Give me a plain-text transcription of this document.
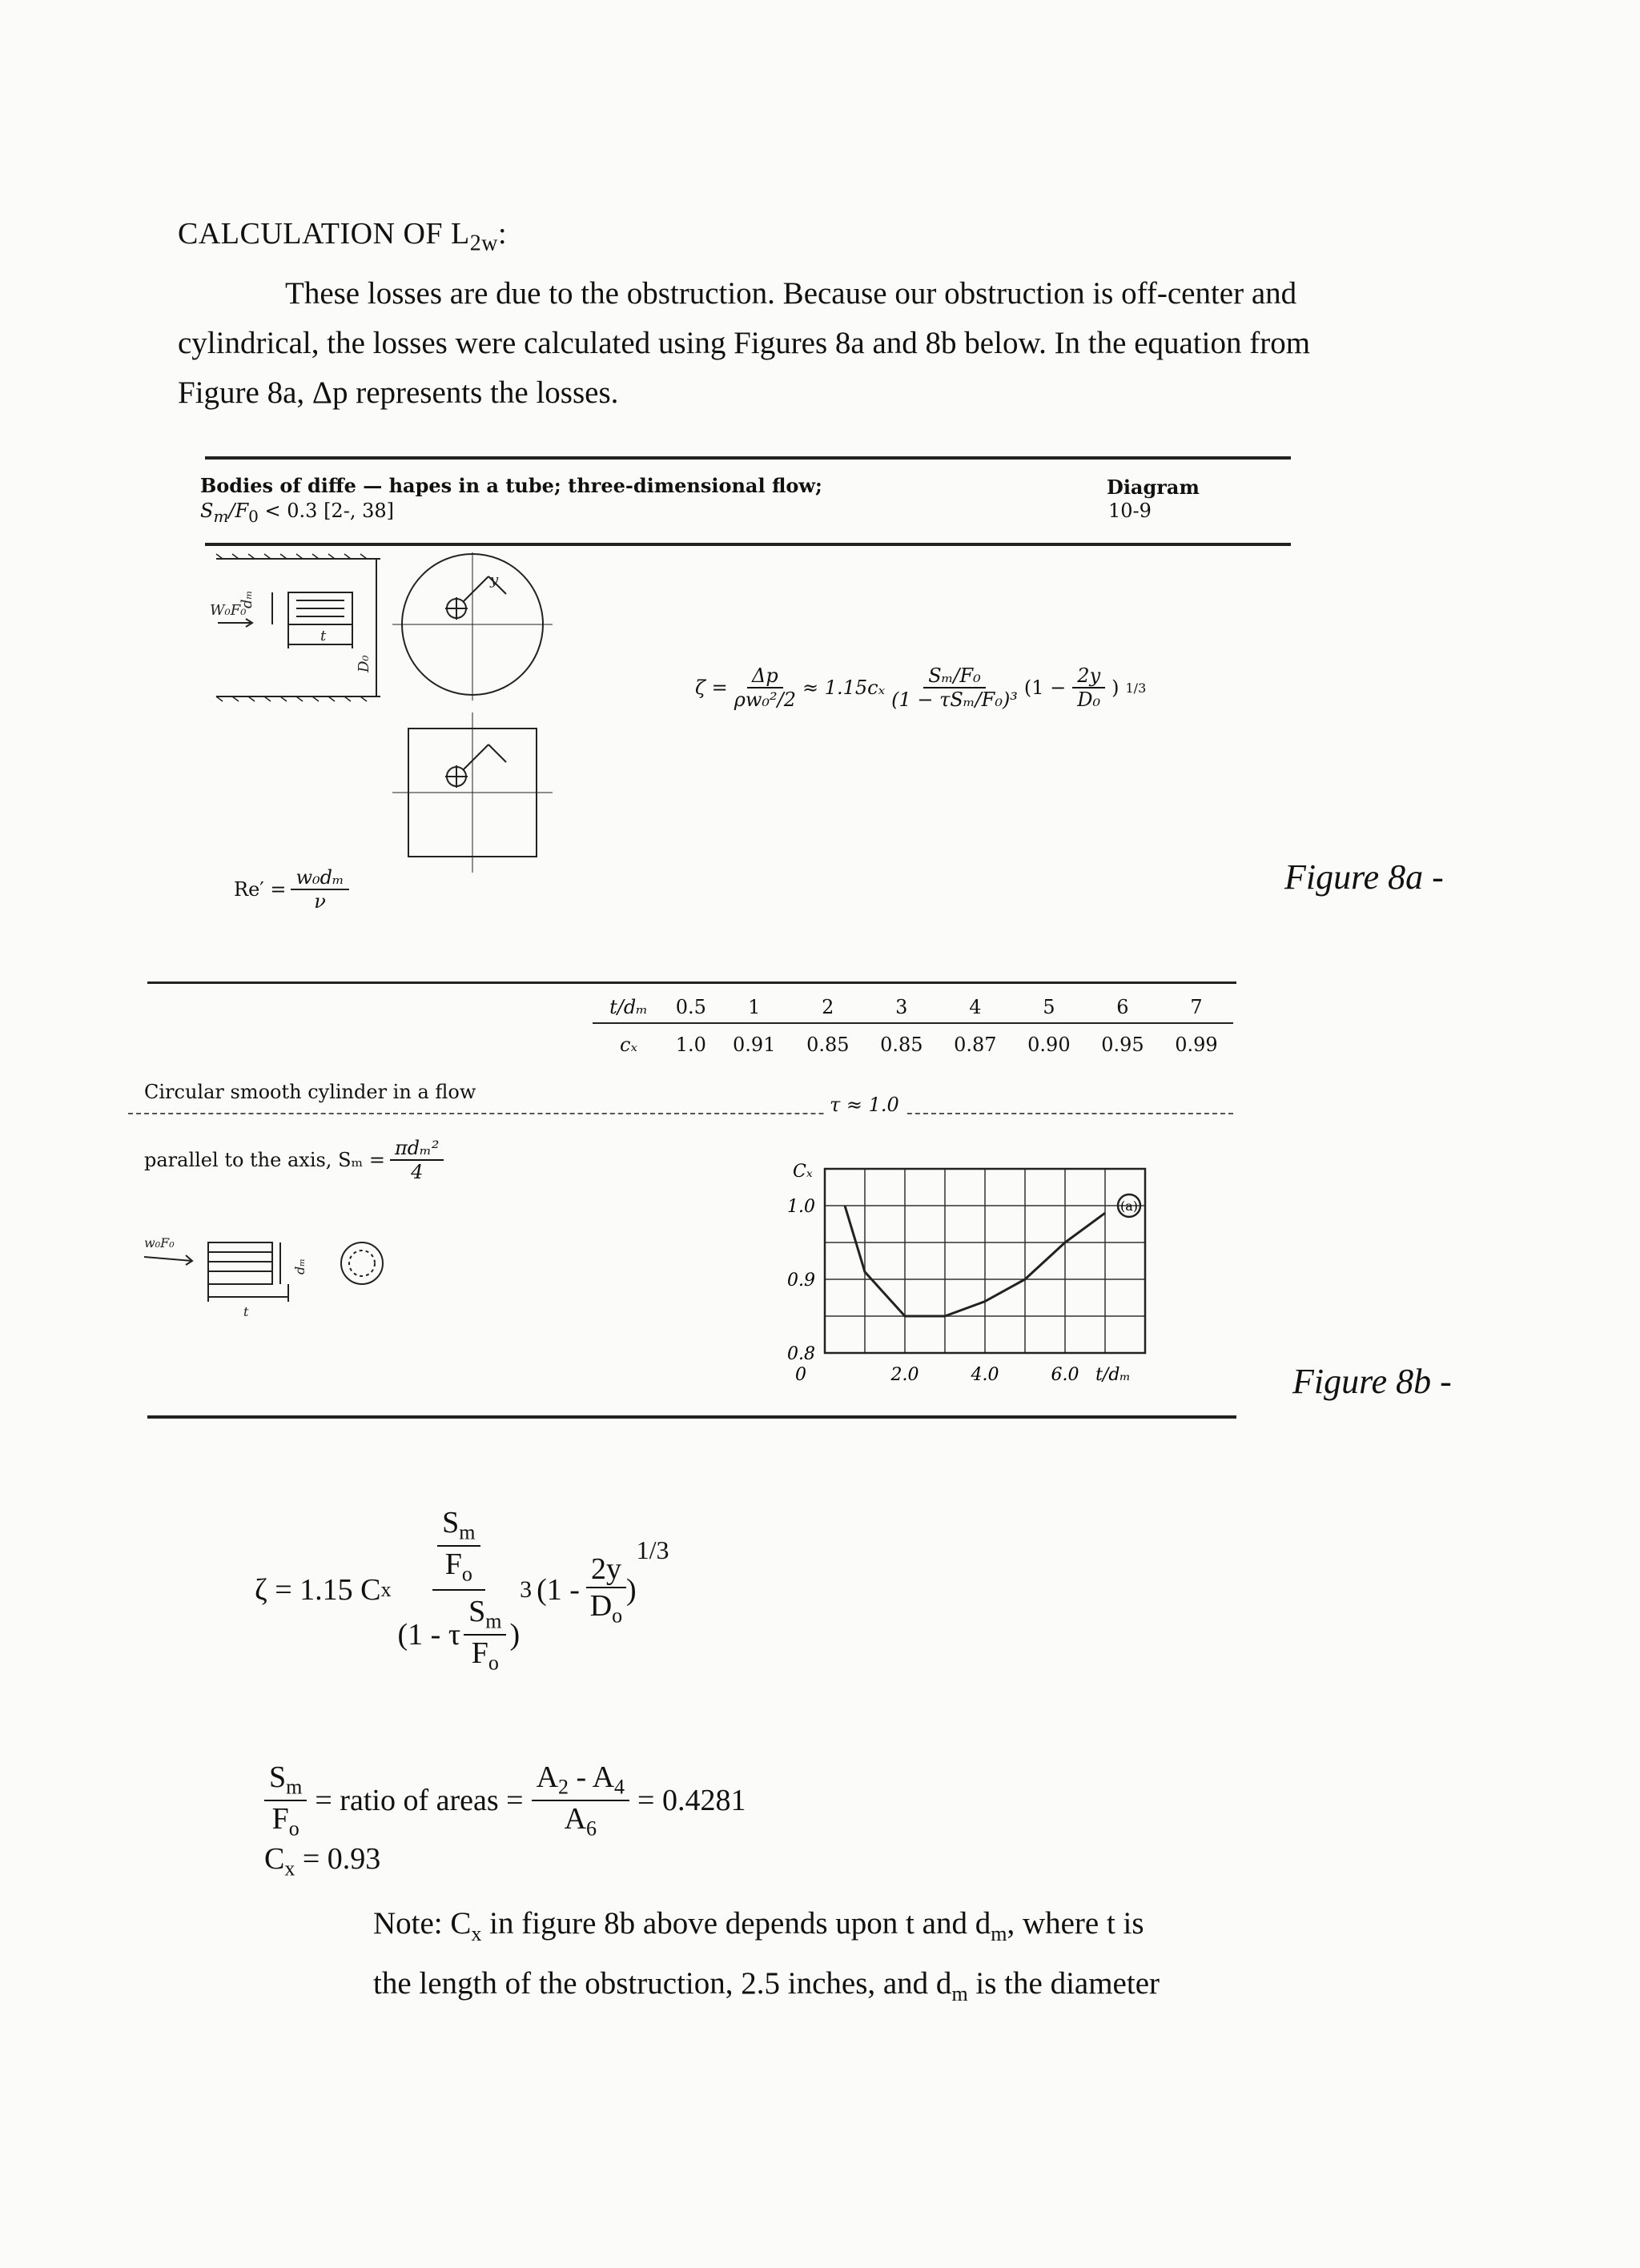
CALCULATION OF $L_{2w}$:
These losses are due to the obstruction. Because our obstruction is off-center and
cylindrical, the losses were calculated using Figures 8a and 8b below. In the equation from
Figure 8a, Δp represents the losses.
Bodies of diffe — hapes in a tube; three-dimensional flow;
$S_m/F_0 < 0.3$ [2-, 38]
Diagram
10-9
W₀F₀
dₘ
t
D₀
y
$Re' = \frac{\text{w₀dₘ}}{\nu}$
$\zeta = \frac{\Delta p}{\text{ρw₀²/2}} \approx 1.15c_x \frac{\text{Sₘ/F₀}}{\text{(1 − τSₘ/F₀)³}} (1 - \frac{2y}{\text{D₀}}$ ) 1/3
Figure 8a -
t/dₘ	0.5	1	2	3	4	5	6	7
cₓ	1.0	0.91	0.85	0.85	0.87	0.90	0.95	0.99
Circular smooth cylinder in a flow
τ ≈ 1.0
parallel to the axis, $S_m = \frac{\text{πdₘ²}}{4}$
w₀F₀
dₘ
t
(a)
Cₓ
1.0
0.9
0.8
0	2.0	4.0	6.0 t/dₘ	Figure 8b -
ζ = 1.15 C x $\frac{\frac{S_m}{F_o}}{(1 - \tau \frac{S_m}{F_o} )} 3$ ($1 - \frac{2y}{D_o}$ )
$^{1/3}$
$\frac{S_m}{F_o}$ = ratio of areas = $\frac{A_2 - A_4}{A_6} = 0.4281$
$C_x = 0.93$
Note: $C_x$ in figure 8b above depends upon t and $d_m$, where t is
the length of the obstruction, 2.5 inches, and $d_m$ is the diameter
